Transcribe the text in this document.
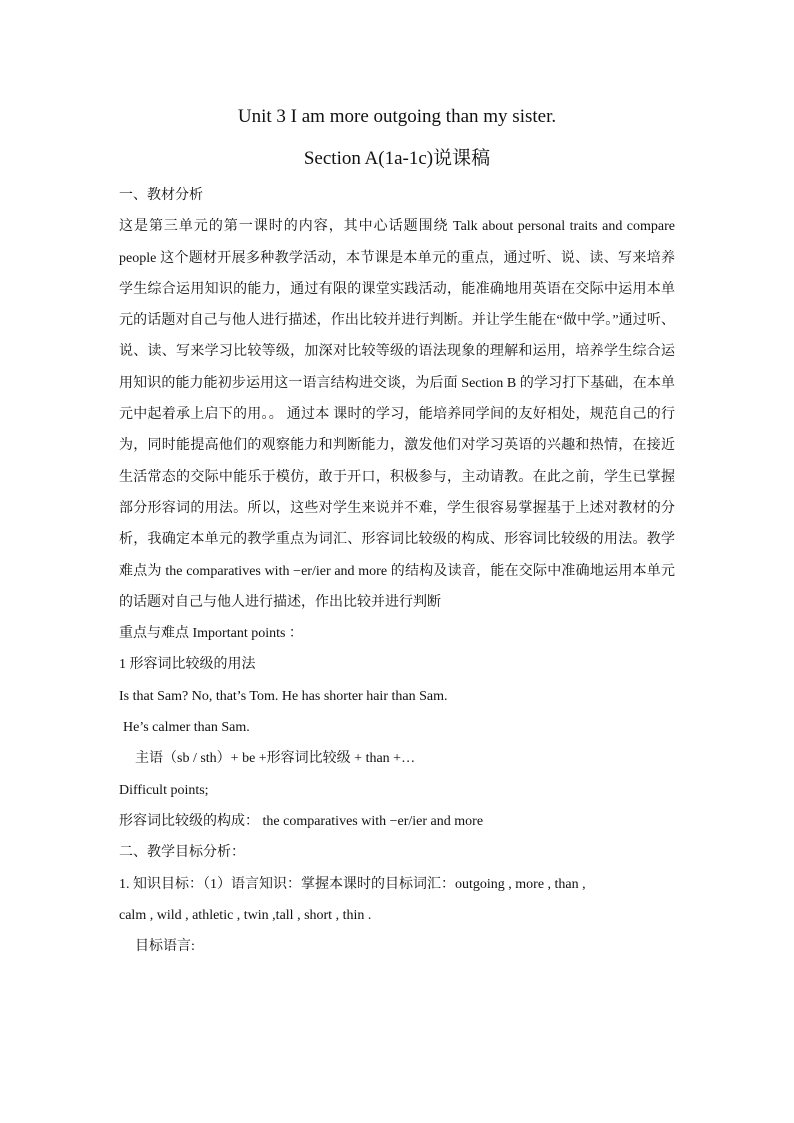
Unit 3 I am more outgoing than my sister.

Section A(1a-1c)说课稿

一、教材分析

这是第三单元的第一课时的内容，其中心话题围绕 Talk about personal traits and compare people 这个题材开展多种教学活动，本节课是本单元的重点，通过听、说、读、写来培养学生综合运用知识的能力，通过有限的课堂实践活动，能准确地用英语在交际中运用本单元的话题对自己与他人进行描述，作出比较并进行判断。并让学生能在“做中学。”通过听、说、读、写来学习比较等级，加深对比较等级的语法现象的理解和运用，培养学生综合运用知识的能力能初步运用这一语言结构进交谈，为后面 Section B 的学习打下基础，在本单元中起着承上启下的用。。 通过本 课时的学习，能培养同学间的友好相处，规范自己的行为，同时能提高他们的观察能力和判断能力，激发他们对学习英语的兴趣和热情，在接近生活常态的交际中能乐于模仿，敢于开口，积极参与，主动请教。在此之前，学生已掌握部分形容词的用法。所以，这些对学生来说并不难，学生很容易掌握基于上述对教材的分析，我确定本单元的教学重点为词汇、形容词比较级的构成、形容词比较级的用法。教学难点为 the comparatives with −er/ier and more 的结构及读音，能在交际中准确地运用本单元的话题对自己与他人进行描述，作出比较并进行判断

重点与难点 Important points ：

1 形容词比较级的用法

Is that Sam? No, that’s Tom. He has shorter hair than Sam.

He’s calmer than Sam.

主语（sb / sth）+ be +形容词比较级 + than +…

Difficult points;

形容词比较级的构成： the comparatives with −er/ier and more

二、教学目标分析：

1. 知识目标：（1）语言知识：掌握本课时的目标词汇：outgoing , more , than ,

calm , wild , athletic , twin ,tall , short , thin .

目标语言:
